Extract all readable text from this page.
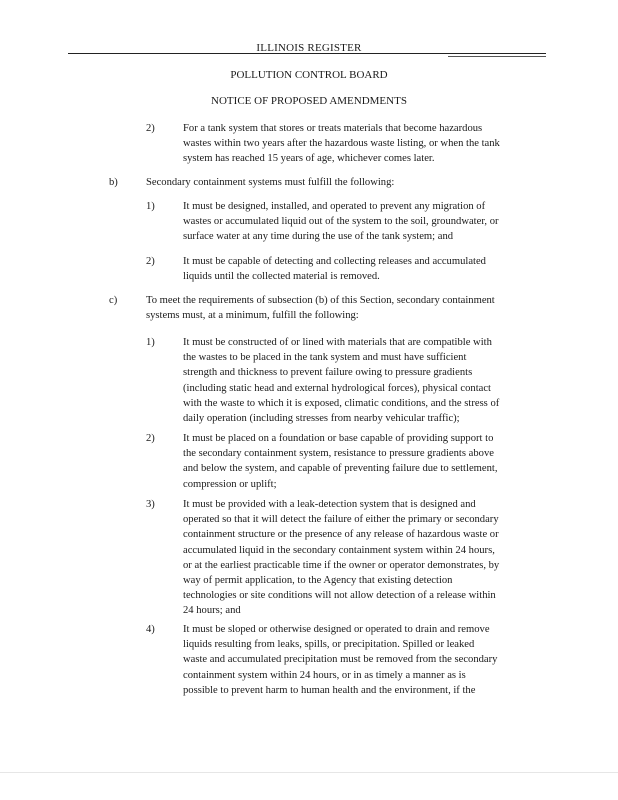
ILLINOIS REGISTER
POLLUTION CONTROL BOARD
NOTICE OF PROPOSED AMENDMENTS
2)	For a tank system that stores or treats materials that become hazardous
wastes within two years after the hazardous waste listing, or when the tank
system has reached 15 years of age, whichever comes later.
b)	Secondary containment systems must fulfill the following:
1)	It must be designed, installed, and operated to prevent any migration of
wastes or accumulated liquid out of the system to the soil, groundwater, or
surface water at any time during the use of the tank system; and
2)	It must be capable of detecting and collecting releases and accumulated
liquids until the collected material is removed.
c)	To meet the requirements of subsection (b) of this Section, secondary containment
systems must, at a minimum, fulfill the following:
1)	It must be constructed of or lined with materials that are compatible with
the wastes to be placed in the tank system and must have sufficient
strength and thickness to prevent failure owing to pressure gradients
(including static head and external hydrological forces), physical contact
with the waste to which it is exposed, climatic conditions, and the stress of
daily operation (including stresses from nearby vehicular traffic);
2)	It must be placed on a foundation or base capable of providing support to
the secondary containment system, resistance to pressure gradients above
and below the system, and capable of preventing failure due to settlement,
compression or uplift;
3)	It must be provided with a leak-detection system that is designed and
operated so that it will detect the failure of either the primary or secondary
containment structure or the presence of any release of hazardous waste or
accumulated liquid in the secondary containment system within 24 hours,
or at the earliest practicable time if the owner or operator demonstrates, by
way of permit application, to the Agency that existing detection
technologies or site conditions will not allow detection of a release within
24 hours; and
4)	It must be sloped or otherwise designed or operated to drain and remove
liquids resulting from leaks, spills, or precipitation. Spilled or leaked
waste and accumulated precipitation must be removed from the secondary
containment system within 24 hours, or in as timely a manner as is
possible to prevent harm to human health and the environment, if the
